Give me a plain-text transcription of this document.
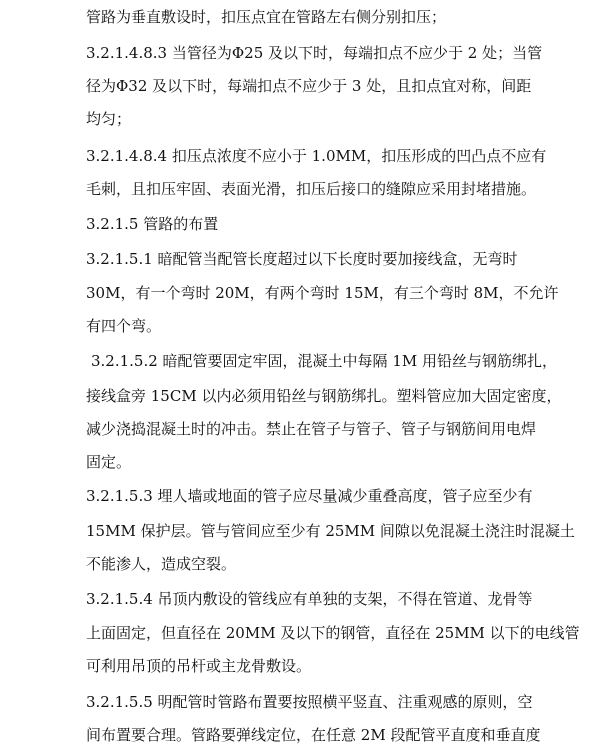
管路为垂直敷设时，扣压点宜在管路左右侧分别扣压；
3.2.1.4.8.3 当管径为Φ25 及以下时，每端扣点不应少于 2 处；当管
径为Φ32 及以下时，每端扣点不应少于 3 处，且扣点宜对称，间距
均匀；
3.2.1.4.8.4 扣压点浓度不应小于 1.0MM，扣压形成的凹凸点不应有
毛刺，且扣压牢固、表面光滑，扣压后接口的缝隙应采用封堵措施。
3.2.1.5 管路的布置
3.2.1.5.1 暗配管当配管长度超过以下长度时要加接线盒，无弯时
30M，有一个弯时 20M，有两个弯时 15M，有三个弯时 8M，不允许
有四个弯。
3.2.1.5.2 暗配管要固定牢固，混凝土中每隔 1M 用铅丝与钢筋绑扎，
接线盒旁 15CM 以内必须用铅丝与钢筋绑扎。塑料管应加大固定密度，
减少浇捣混凝土时的冲击。禁止在管子与管子、管子与钢筋间用电焊
固定。
3.2.1.5.3 埋人墙或地面的管子应尽量减少重叠高度，管子应至少有
15MM 保护层。管与管间应至少有 25MM 间隙以免混凝土浇注时混凝土
不能渗人，造成空裂。
3.2.1.5.4 吊顶内敷设的管线应有单独的支架，不得在管道、龙骨等
上面固定，但直径在 20MM 及以下的钢管，直径在 25MM 以下的电线管
可利用吊顶的吊杆或主龙骨敷设。
3.2.1.5.5 明配管时管路布置要按照横平竖直、注重观感的原则，空
间布置要合理。管路要弹线定位，在任意 2M 段配管平直度和垂直度
